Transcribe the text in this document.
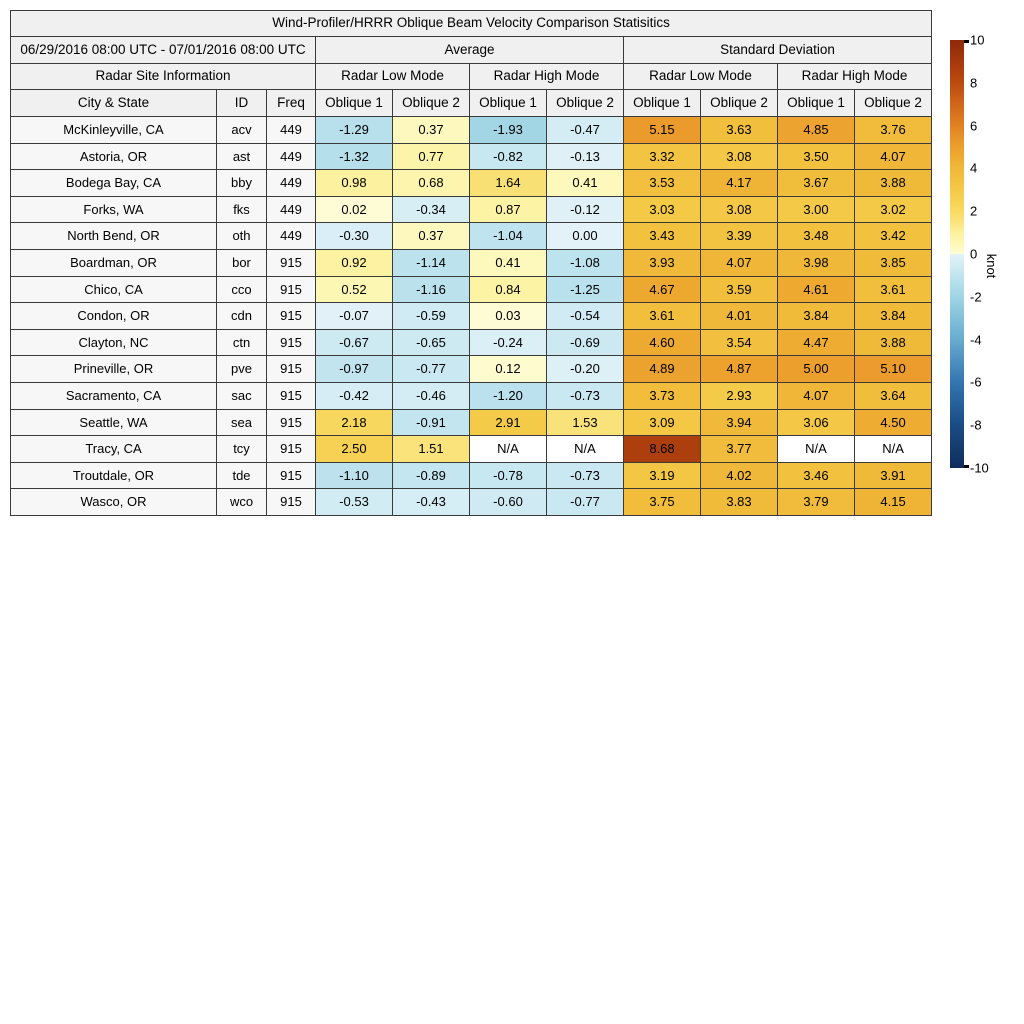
Wind-Profiler/HRRR Oblique Beam Velocity Comparison Statisitics										
06/29/2016 08:00 UTC - 07/01/2016 08:00 UTC			Average				Standard Deviation			
Radar Site Information			Radar Low Mode		Radar High Mode		Radar Low Mode		Radar High Mode	
City & State	ID	Freq	Oblique 1	Oblique 2	Oblique 1	Oblique 2	Oblique 1	Oblique 2	Oblique 1	Oblique 2
McKinleyville, CA	acv	449	-1.29	0.37	-1.93	-0.47	5.15	3.63	4.85	3.76
Astoria, OR	ast	449	-1.32	0.77	-0.82	-0.13	3.32	3.08	3.50	4.07
Bodega Bay, CA	bby	449	0.98	0.68	1.64	0.41	3.53	4.17	3.67	3.88
Forks, WA	fks	449	0.02	-0.34	0.87	-0.12	3.03	3.08	3.00	3.02
North Bend, OR	oth	449	-0.30	0.37	-1.04	0.00	3.43	3.39	3.48	3.42
Boardman, OR	bor	915	0.92	-1.14	0.41	-1.08	3.93	4.07	3.98	3.85
Chico, CA	cco	915	0.52	-1.16	0.84	-1.25	4.67	3.59	4.61	3.61
Condon, OR	cdn	915	-0.07	-0.59	0.03	-0.54	3.61	4.01	3.84	3.84
Clayton, NC	ctn	915	-0.67	-0.65	-0.24	-0.69	4.60	3.54	4.47	3.88
Prineville, OR	pve	915	-0.97	-0.77	0.12	-0.20	4.89	4.87	5.00	5.10
Sacramento, CA	sac	915	-0.42	-0.46	-1.20	-0.73	3.73	2.93	4.07	3.64
Seattle, WA	sea	915	2.18	-0.91	2.91	1.53	3.09	3.94	3.06	4.50
Tracy, CA	tcy	915	2.50	1.51	N/A	N/A	8.68	3.77	N/A	N/A
Troutdale, OR	tde	915	-1.10	-0.89	-0.78	-0.73	3.19	4.02	3.46	3.91
Wasco, OR	wco	915	-0.53	-0.43	-0.60	-0.77	3.75	3.83	3.79	4.15
10
8
6
4
2
0
-2
-4
-6
-8
-10
knot
